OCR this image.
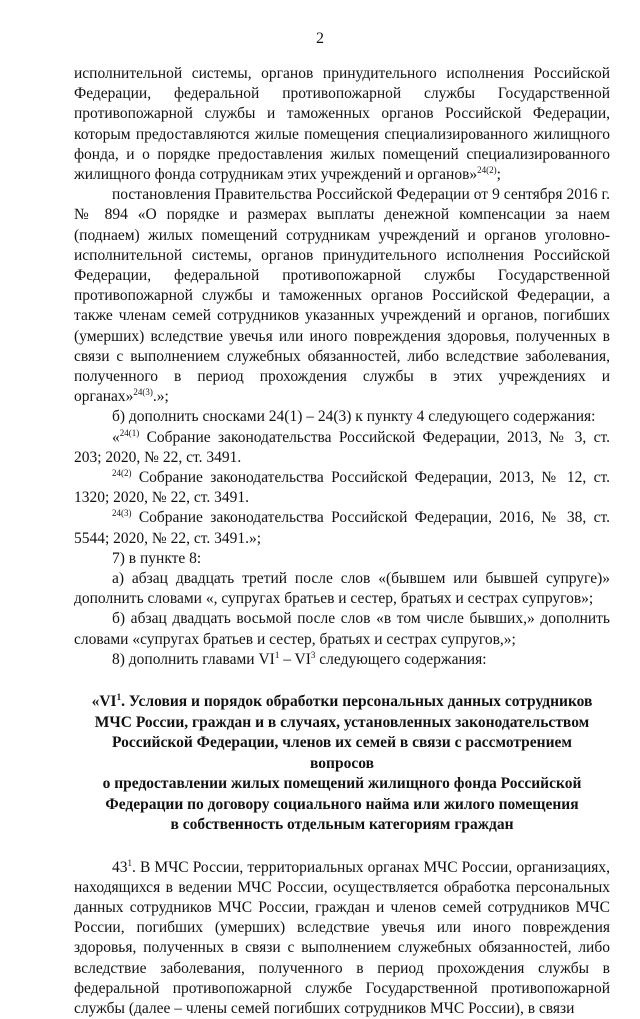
2

исполнительной системы, органов принудительного исполнения Российской Федерации, федеральной противопожарной службы Государственной противопожарной службы и таможенных органов Российской Федерации, которым предоставляются жилые помещения специализированного жилищного фонда, и о порядке предоставления жилых помещений специализированного жилищного фонда сотрудникам этих учреждений и органов»$^{24(2)}$;

постановления Правительства Российской Федерации от 9 сентября 2016 г. № 894 «О порядке и размерах выплаты денежной компенсации за наем (поднаем) жилых помещений сотрудникам учреждений и органов уголовно-исполнительной системы, органов принудительного исполнения Российской Федерации, федеральной противопожарной службы Государственной противопожарной службы и таможенных органов Российской Федерации, а также членам семей сотрудников указанных учреждений и органов, погибших (умерших) вследствие увечья или иного повреждения здоровья, полученных в связи с выполнением служебных обязанностей, либо вследствие заболевания, полученного в период прохождения службы в этих учреждениях и органах»$^{24(3)}$.»;

б) дополнить сносками 24(1) – 24(3) к пункту 4 следующего содержания:

«$^{24(1)}$ Собрание законодательства Российской Федерации, 2013, № 3, ст. 203; 2020, № 22, ст. 3491.

$^{24(2)}$ Собрание законодательства Российской Федерации, 2013, № 12, ст. 1320; 2020, № 22, ст. 3491.

$^{24(3)}$ Собрание законодательства Российской Федерации, 2016, № 38, ст. 5544; 2020, № 22, ст. 3491.»;

7) в пункте 8:

а) абзац двадцать третий после слов «(бывшем или бывшей супруге)» дополнить словами «, супругах братьев и сестер, братьях и сестрах супругов»;

б) абзац двадцать восьмой после слов «в том числе бывших,» дополнить словами «супругах братьев и сестер, братьях и сестрах супругов,»;

8) дополнить главами $VI^1 - VI^3$ следующего содержания:

«$VI^1$. Условия и порядок обработки персональных данных сотрудников
МЧС России, граждан и в случаях, установленных законодательством
Российской Федерации, членов их семей в связи с рассмотрением вопросов
о предоставлении жилых помещений жилищного фонда Российской
Федерации по договору социального найма или жилого помещения
в собственность отдельным категориям граждан

$43^1$. В МЧС России, территориальных органах МЧС России, организациях, находящихся в ведении МЧС России, осуществляется обработка персональных данных сотрудников МЧС России, граждан и членов семей сотрудников МЧС России, погибших (умерших) вследствие увечья или иного повреждения здоровья, полученных в связи с выполнением служебных обязанностей, либо вследствие заболевания, полученного в период прохождения службы в федеральной противопожарной службе Государственной противопожарной службы (далее – члены семей погибших сотрудников МЧС России), в связи
